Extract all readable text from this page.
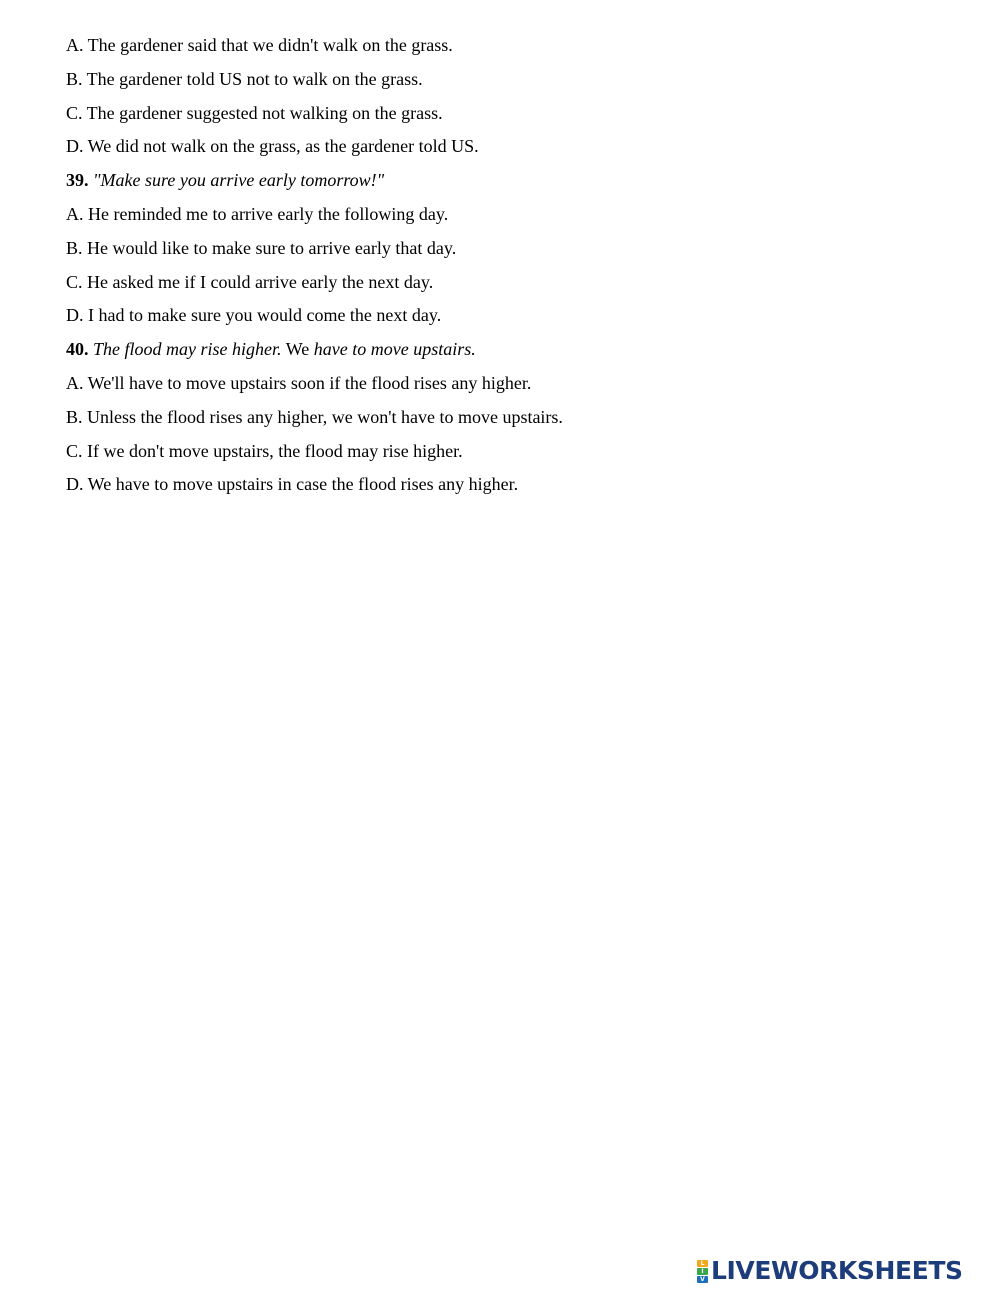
A. The gardener said that we didn't walk on the grass.
B. The gardener told US not to walk on the grass.
C. The gardener suggested not walking on the grass.
D. We did not walk on the grass, as the gardener told US.
39. "Make sure you arrive early tomorrow!"
A. He reminded me to arrive early the following day.
B. He would like to make sure to arrive early that day.
C. He asked me if I could arrive early the next day.
D. I had to make sure you would come the next day.
40. The flood may rise higher. We have to move upstairs.
A. We'll have to move upstairs soon if the flood rises any higher.
B. Unless the flood rises any higher, we won't have to move upstairs.
C. If we don't move upstairs, the flood may rise higher.
D. We have to move upstairs in case the flood rises any higher.
L
I
V LIVEWORKSHEETS
